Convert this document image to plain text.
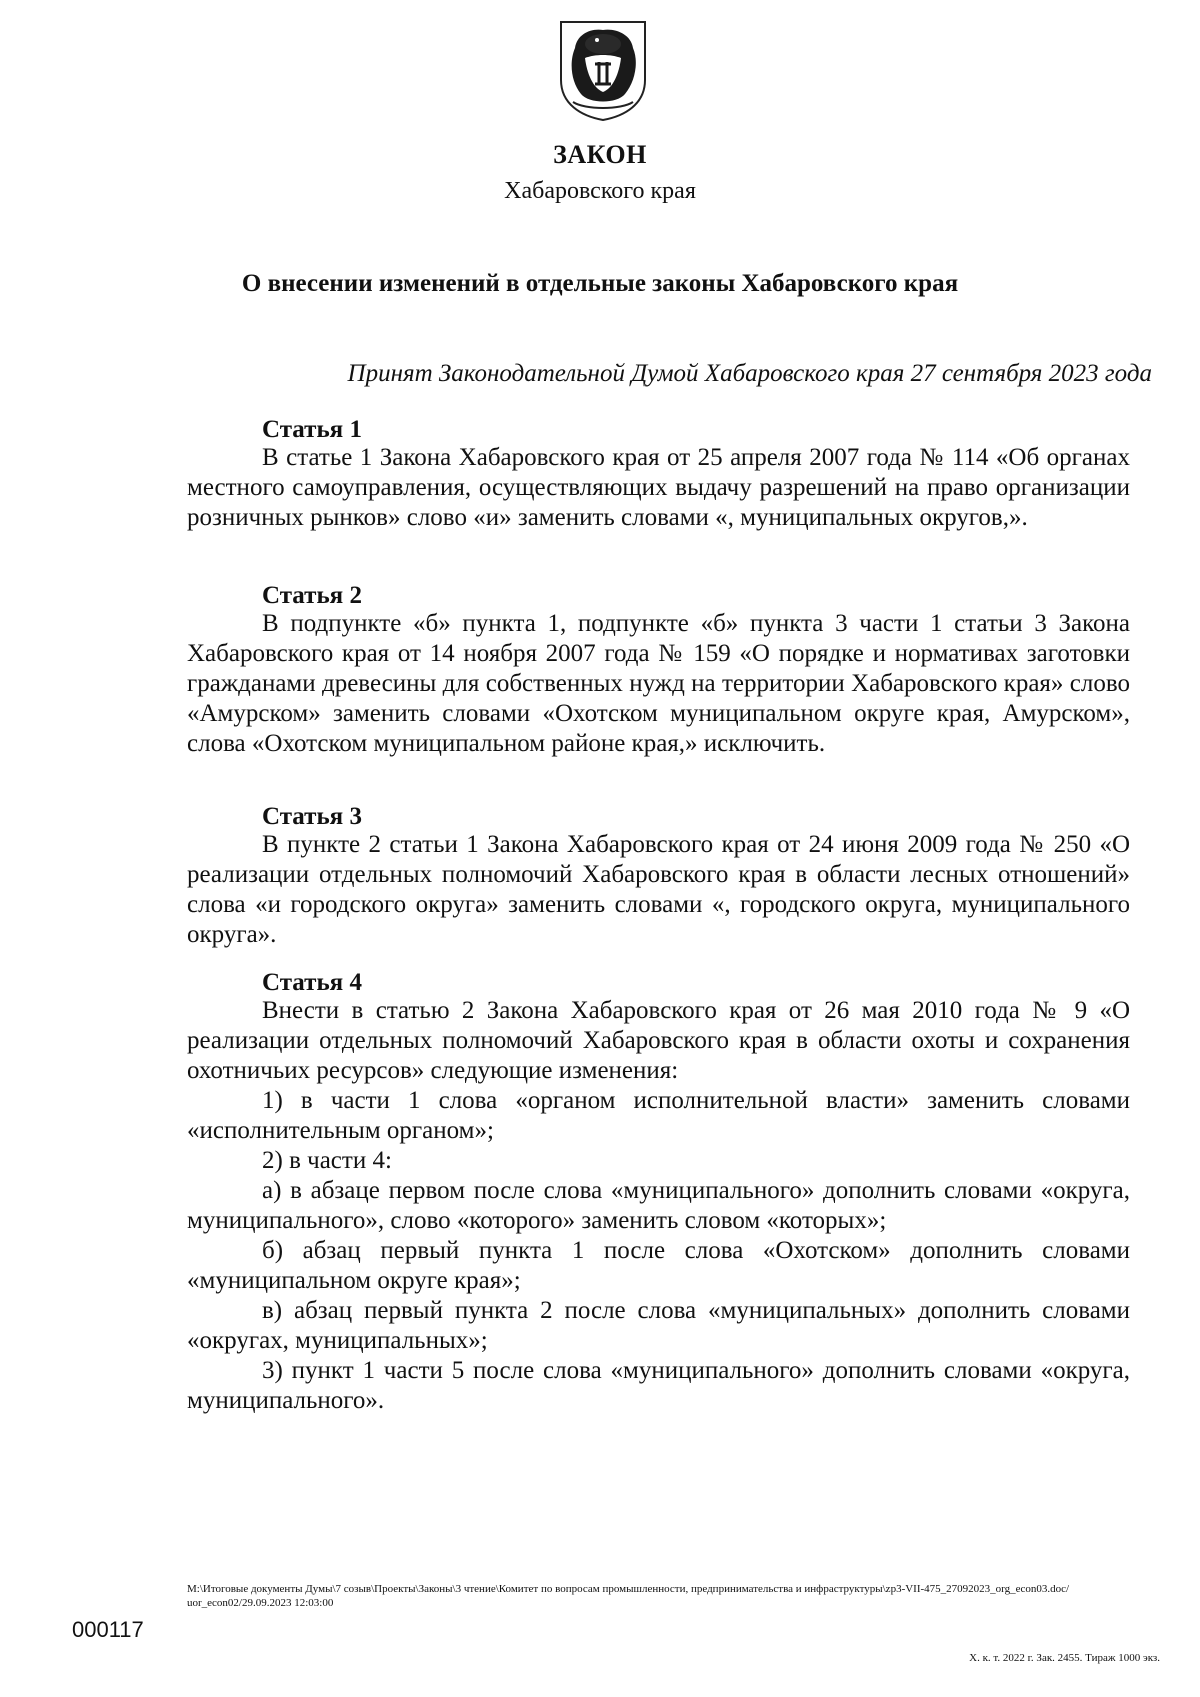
ЗАКОН
Хабаровского края
О внесении изменений в отдельные законы Хабаровского края
Принят Законодательной Думой Хабаровского края 27 сентября 2023 года
Статья 1

В статье 1 Закона Хабаровского края от 25 апреля 2007 года № 114 «Об органах местного самоуправления, осуществляющих выдачу разрешений на право организации розничных рынков» слово «и» заменить словами «, муниципальных округов,».

Статья 2

В подпункте «б» пункта 1, подпункте «б» пункта 3 части 1 статьи 3 Закона Хабаровского края от 14 ноября 2007 года № 159 «О порядке и нормативах заготовки гражданами древесины для собственных нужд на территории Хабаровского края» слово «Амурском» заменить словами «Охотском муниципальном округе края, Амурском», слова «Охотском муниципальном районе края,» исключить.

Статья 3

В пункте 2 статьи 1 Закона Хабаровского края от 24 июня 2009 года № 250 «О реализации отдельных полномочий Хабаровского края в области лесных отношений» слова «и городского округа» заменить словами «, городского округа, муниципального округа».

Статья 4

Внести в статью 2 Закона Хабаровского края от 26 мая 2010 года № 9 «О реализации отдельных полномочий Хабаровского края в области охоты и сохранения охотничьих ресурсов» следующие изменения:

1) в части 1 слова «органом исполнительной власти» заменить словами «исполнительным органом»;

2) в части 4:

а) в абзаце первом после слова «муниципального» дополнить словами «округа, муниципального», слово «которого» заменить словом «которых»;

б) абзац первый пункта 1 после слова «Охотском» дополнить словами «муниципальном округе края»;

в) абзац первый пункта 2 после слова «муниципальных» дополнить словами «округах, муниципальных»;

3) пункт 1 части 5 после слова «муниципального» дополнить словами «округа, муниципального».

M:\Итоговые документы Думы\7 созыв\Проекты\Законы\3 чтение\Комитет по вопросам промышленности, предпринимательства и инфраструктуры\zp3-VII-475_27092023_org_econ03.doc/ uor_econ02/29.09.2023 12:03:00
000117
Х. к. т. 2022 г. Зак. 2455. Тираж 1000 экз.
